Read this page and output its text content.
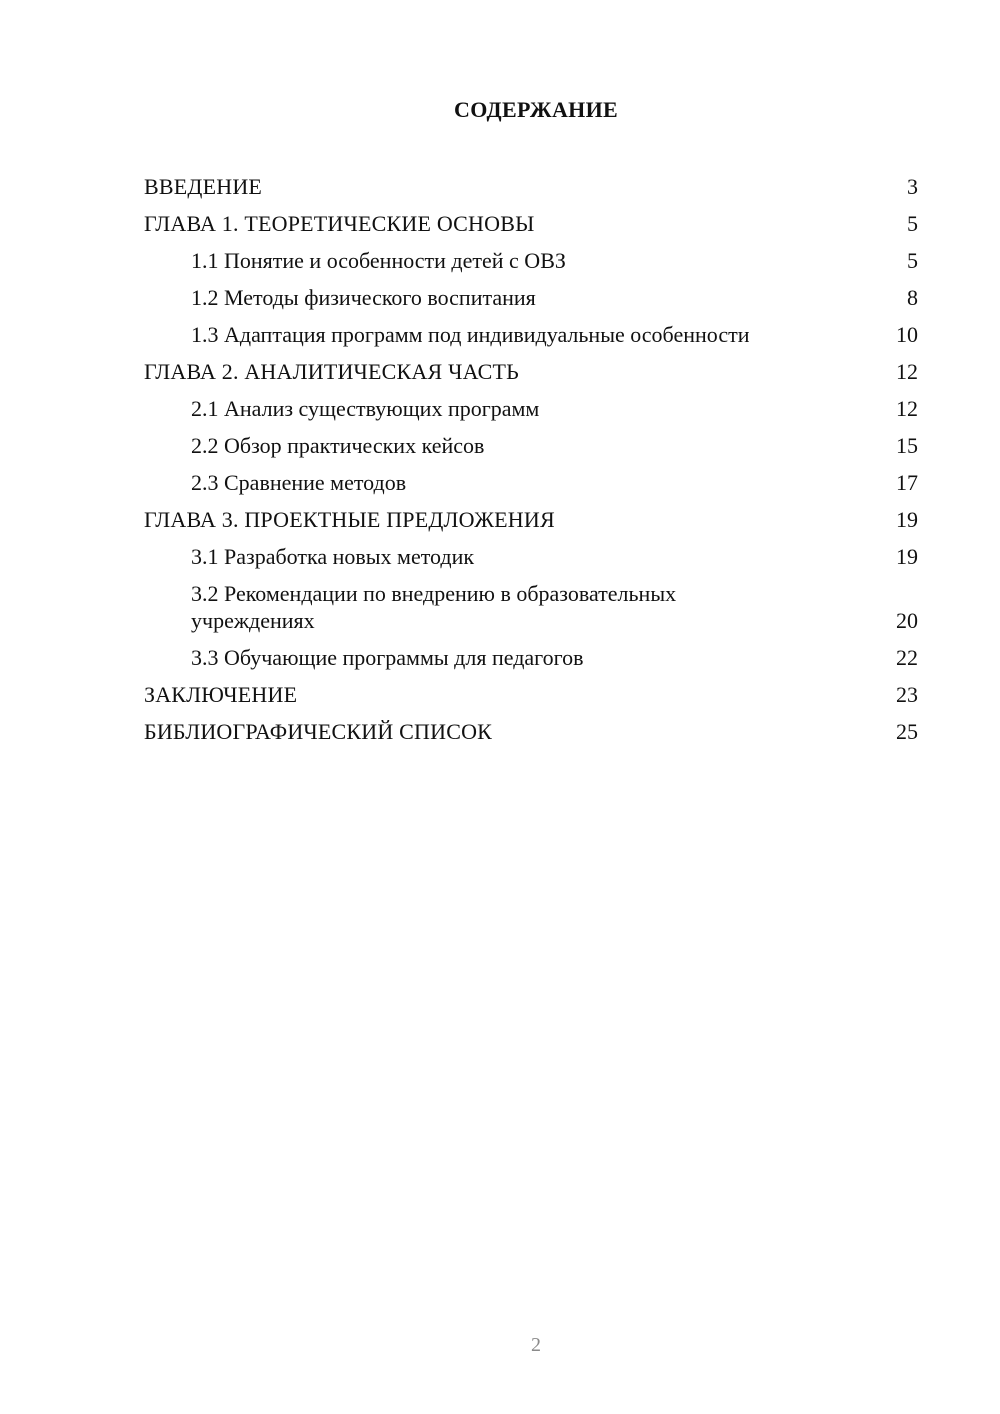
СОДЕРЖАНИЕ
ВВЕДЕНИЕ	3
ГЛАВА 1. ТЕОРЕТИЧЕСКИЕ ОСНОВЫ	5
1.1 Понятие и особенности детей с ОВЗ	5
1.2 Методы физического воспитания	8
1.3 Адаптация программ под индивидуальные особенности	10
ГЛАВА 2. АНАЛИТИЧЕСКАЯ ЧАСТЬ	12
2.1 Анализ существующих программ	12
2.2 Обзор практических кейсов	15
2.3 Сравнение методов	17
ГЛАВА 3. ПРОЕКТНЫЕ ПРЕДЛОЖЕНИЯ	19
3.1 Разработка новых методик	19
3.2 Рекомендации по внедрению в образовательных учреждениях	20
3.3 Обучающие программы для педагогов	22
ЗАКЛЮЧЕНИЕ	23
БИБЛИОГРАФИЧЕСКИЙ СПИСОК	25
2
